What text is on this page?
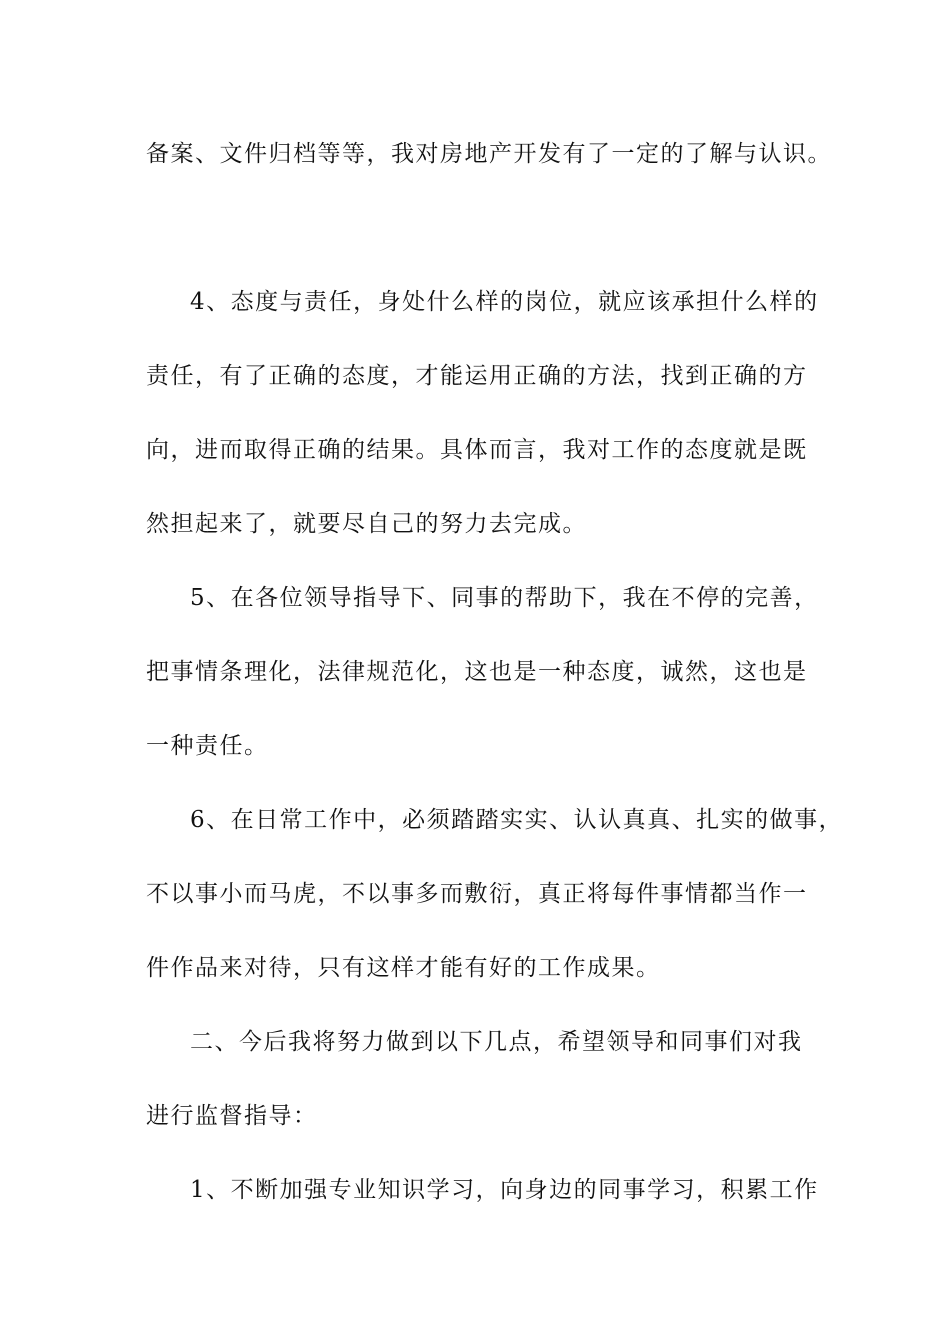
备案、文件归档等等，我对房地产开发有了一定的了解与认识。
4、态度与责任，身处什么样的岗位，就应该承担什么样的
责任，有了正确的态度，才能运用正确的方法，找到正确的方
向，进而取得正确的结果。具体而言，我对工作的态度就是既
然担起来了，就要尽自己的努力去完成。
5、在各位领导指导下、同事的帮助下，我在不停的完善，
把事情条理化，法律规范化，这也是一种态度，诚然，这也是
一种责任。
6、在日常工作中，必须踏踏实实、认认真真、扎实的做事，
不以事小而马虎，不以事多而敷衍，真正将每件事情都当作一
件作品来对待，只有这样才能有好的工作成果。
二、今后我将努力做到以下几点，希望领导和同事们对我
进行监督指导：
1、不断加强专业知识学习，向身边的同事学习，积累工作
